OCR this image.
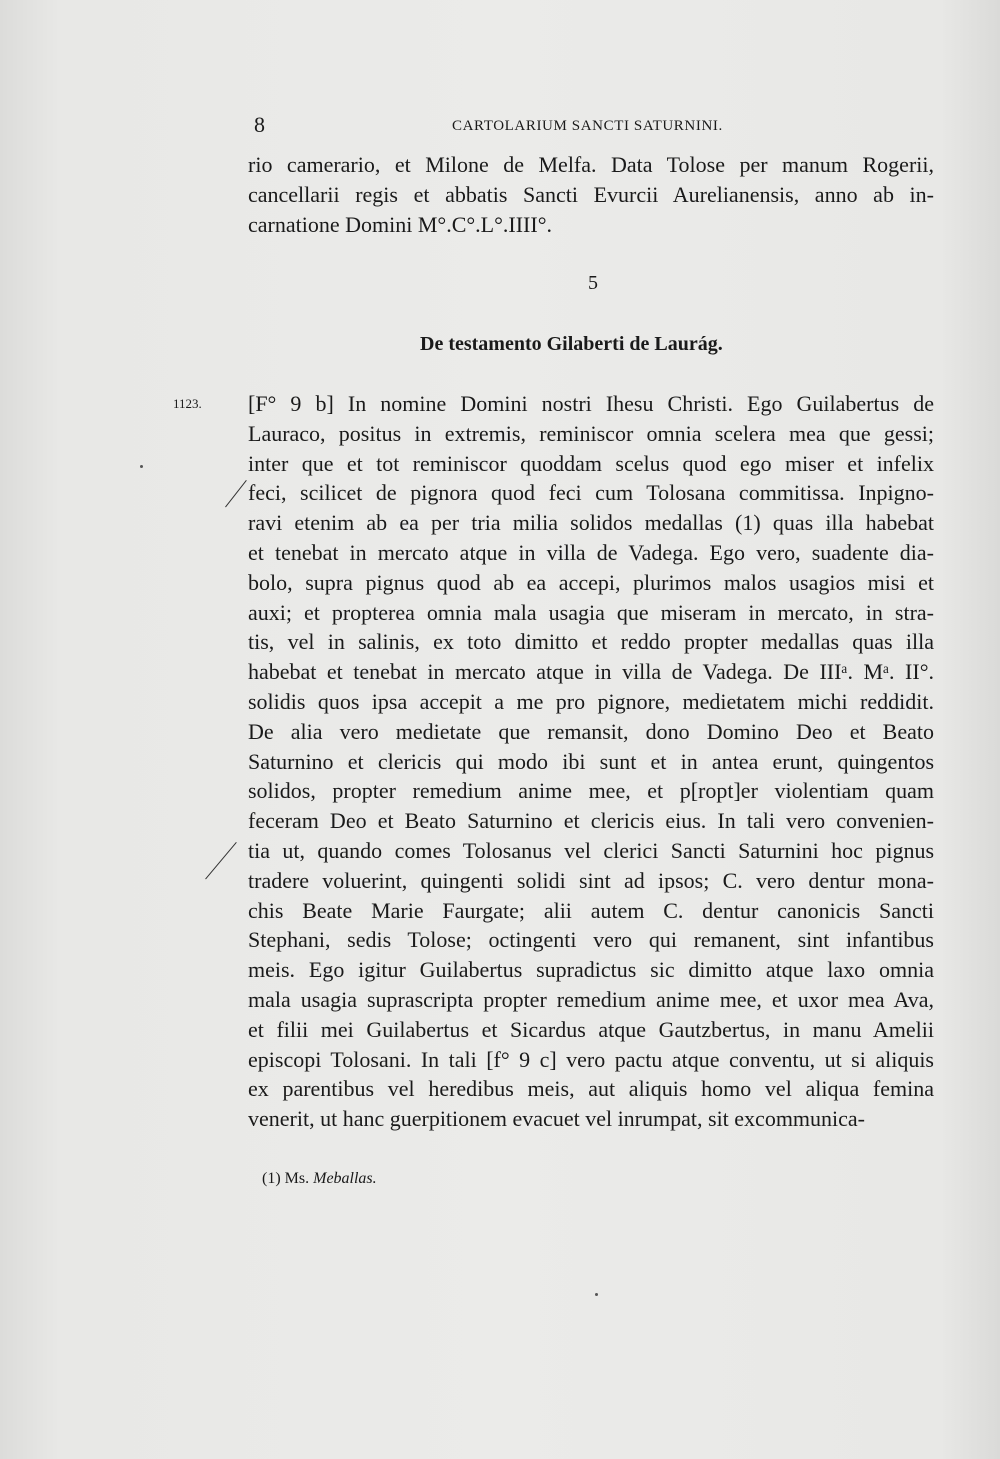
8	CARTOLARIUM SANCTI SATURNINI.
rio camerario, et Milone de Melfa. Data Tolose per manum Rogerii,
cancellarii regis et abbatis Sancti Evurcii Aurelianensis, anno ab in-
carnatione Domini M°.C°.L°.IIII°.
5
De testamento Gilaberti de Laurág.
1123. [F° 9 b] In nomine Domini nostri Ihesu Christi. Ego Guilabertus de
Lauraco, positus in extremis, reminiscor omnia scelera mea que gessi;
inter que et tot reminiscor quoddam scelus quod ego miser et infelix
feci, scilicet de pignora quod feci cum Tolosana commitissa. Inpigno-
ravi etenim ab ea per tria milia solidos medallas (1) quas illa habebat
et tenebat in mercato atque in villa de Vadega. Ego vero, suadente dia-
bolo, supra pignus quod ab ea accepi, plurimos malos usagios misi et
auxi; et propterea omnia mala usagia que miseram in mercato, in stra-
tis, vel in salinis, ex toto dimitto et reddo propter medallas quas illa
habebat et tenebat in mercato atque in villa de Vadega. De IIIᵃ. Mᵃ. II°.
solidis quos ipsa accepit a me pro pignore, medietatem michi reddidit.
De alia vero medietate que remansit, dono Domino Deo et Beato
Saturnino et clericis qui modo ibi sunt et in antea erunt, quingentos
solidos, propter remedium anime mee, et p[ropt]er violentiam quam
feceram Deo et Beato Saturnino et clericis eius. In tali vero convenien-
tia ut, quando comes Tolosanus vel clerici Sancti Saturnini hoc pignus
tradere voluerint, quingenti solidi sint ad ipsos; C. vero dentur mona-
chis Beate Marie Faurgate; alii autem C. dentur canonicis Sancti
Stephani, sedis Tolose; octingenti vero qui remanent, sint infantibus
meis. Ego igitur Guilabertus supradictus sic dimitto atque laxo omnia
mala usagia suprascripta propter remedium anime mee, et uxor mea Ava,
et filii mei Guilabertus et Sicardus atque Gautzbertus, in manu Amelii
episcopi Tolosani. In tali [f° 9 c] vero pactu atque conventu, ut si aliquis
ex parentibus vel heredibus meis, aut aliquis homo vel aliqua femina
venerit, ut hanc guerpitionem evacuet vel inrumpat, sit excommunica-
(1) Ms. Meballas.
